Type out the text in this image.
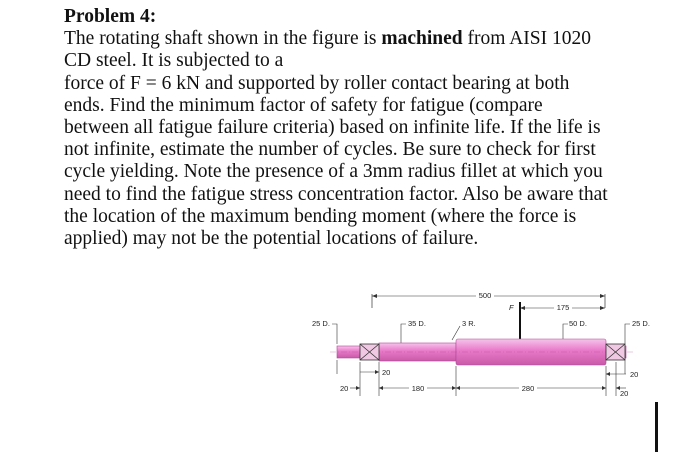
Problem 4:
The rotating shaft shown in the figure is machined from AISI 1020
CD steel. It is subjected to a
force of F = 6 kN and supported by roller contact bearing at both
ends. Find the minimum factor of safety for fatigue (compare
between all fatigue failure criteria) based on infinite life. If the life is
not infinite, estimate the number of cycles. Be sure to check for first
cycle yielding. Note the presence of a 3mm radius fillet at which you
need to find the fatigue stress concentration factor. Also be aware that
the location of the maximum bending moment (where the force is
applied) may not be the potential locations of failure.
500
175
F
25 D.	35 D.	3 R.	50 D.	25 D.
20
20	180	280
20
20
